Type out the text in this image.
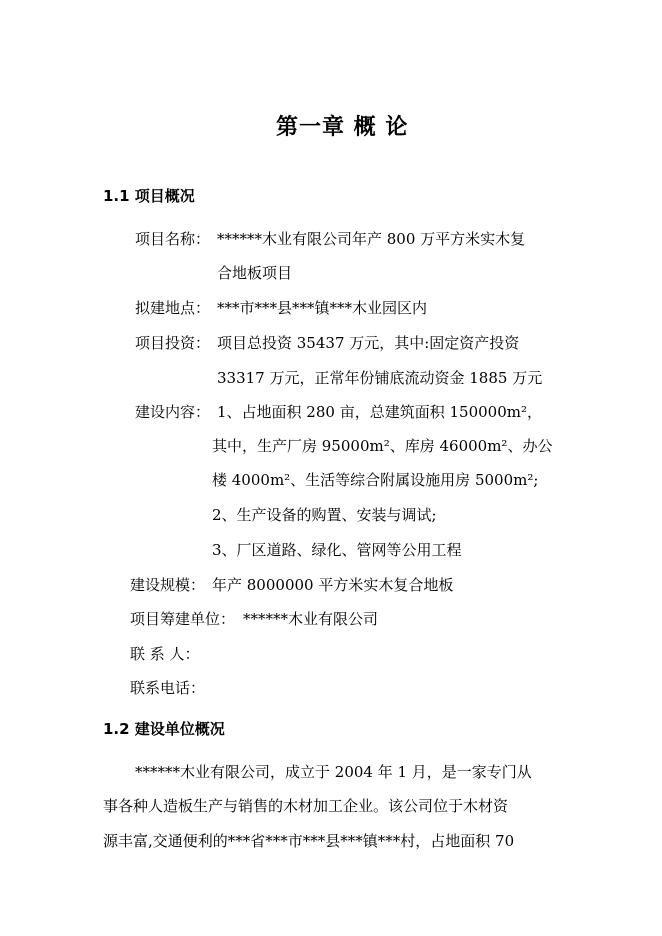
第一章 概 论
1.1 项目概况
项目名称： ******木业有限公司年产 800 万平方米实木复
合地板项目
拟建地点： ***市***县***镇***木业园区内
项目投资： 项目总投资 35437 万元，其中:固定资产投资
33317 万元，正常年份铺底流动资金 1885 万元
建设内容： 1、占地面积 280 亩，总建筑面积 150000m²，
其中，生产厂房 95000m²、库房 46000m²、办公
楼 4000m²、生活等综合附属设施用房 5000m²;
2、生产设备的购置、安装与调试;
3、厂区道路、绿化、管网等公用工程
建设规模： 年产 8000000 平方米实木复合地板
项目筹建单位： ******木业有限公司
联 系 人：
联系电话：
1.2 建设单位概况
******木业有限公司，成立于 2004 年 1 月，是一家专门从
事各种人造板生产与销售的木材加工企业。该公司位于木材资
源丰富,交通便利的***省***市***县***镇***村，占地面积 70
